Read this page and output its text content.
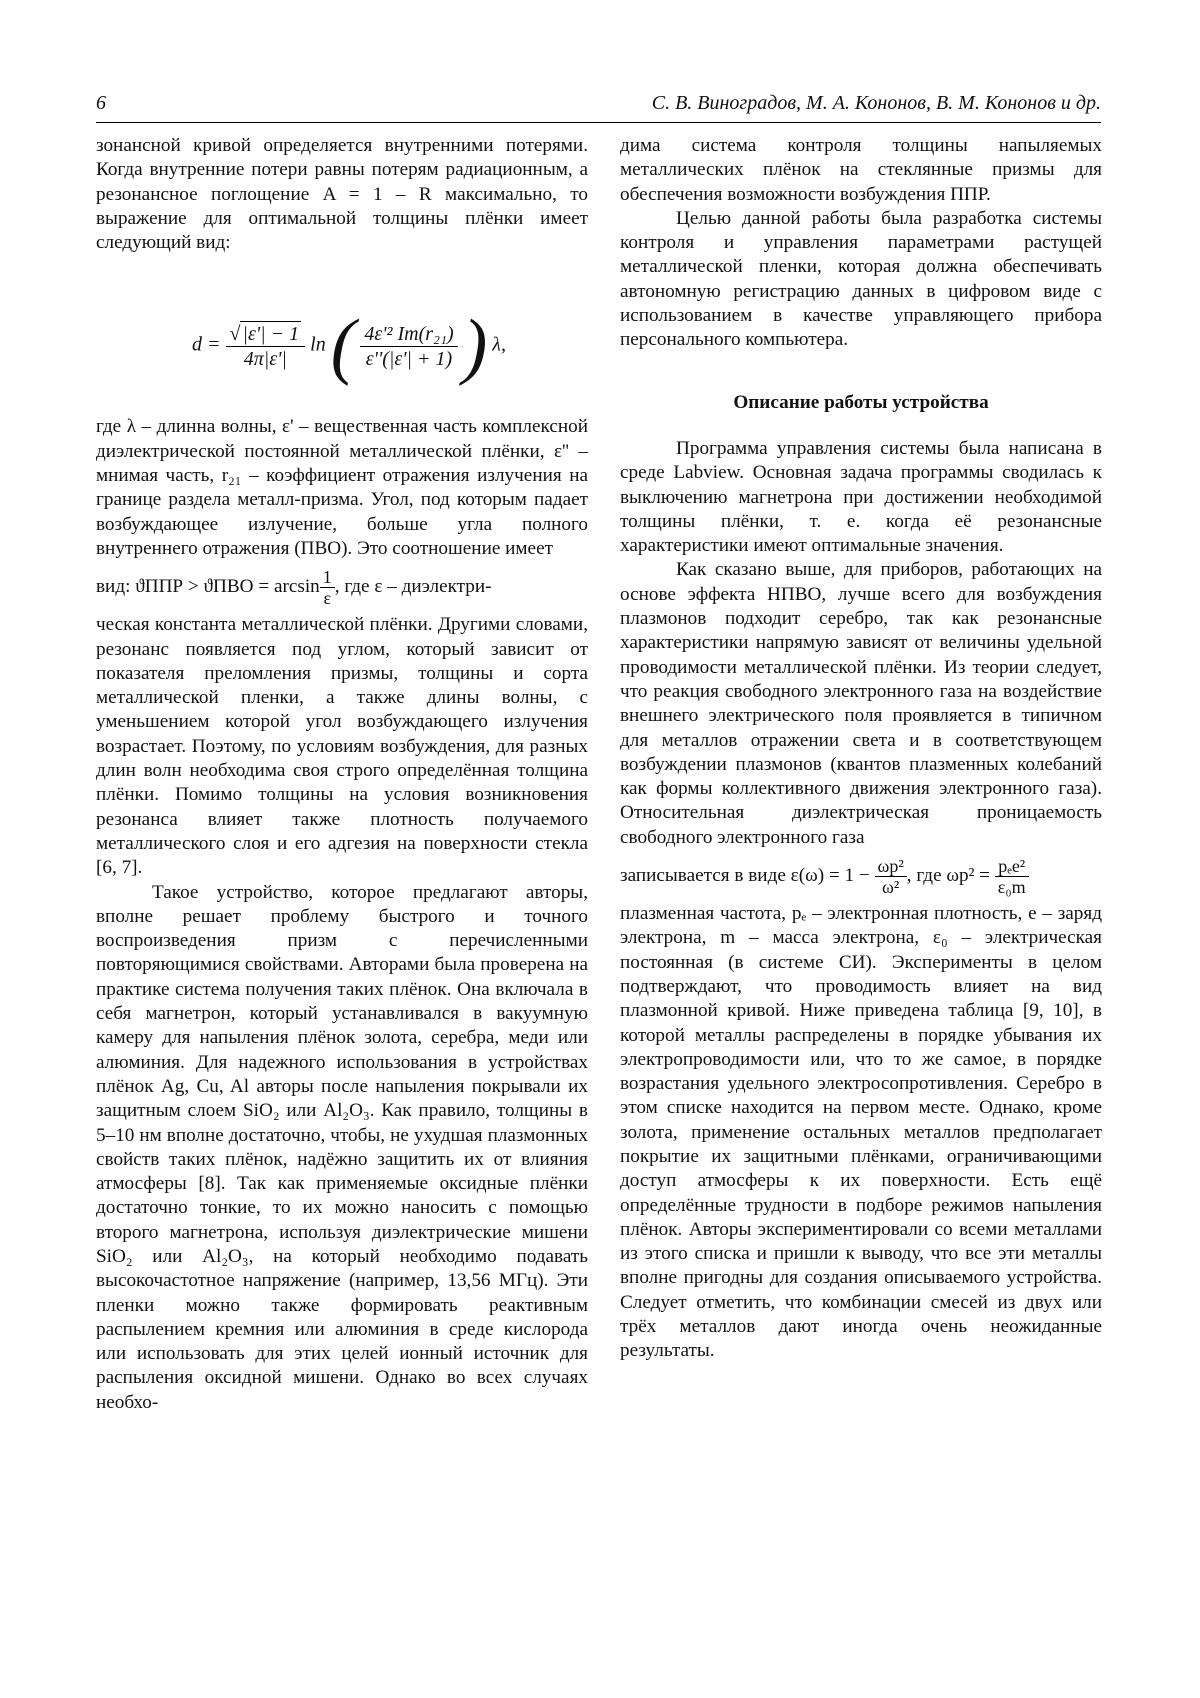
6	С. В. Виноградов, М. А. Кононов, В. М. Кононов и др.

зонансной кривой определяется внутренними потерями. Когда внутренние потери равны потерям радиационным, а резонансное поглощение A = 1 – R максимально, то выражение для оптимальной толщины плёнки имеет следующий вид:

$d = \frac{√ |\varepsilon'| - 1}{4\pi|\varepsilon'|}$ ln ( $\frac{\text{4ε'² Im(r₂₁)}}{\varepsilon''(|\varepsilon'| + 1)}$ ) λ,

где λ – длинна волны, ε' – вещественная часть комплексной диэлектрической постоянной металлической плёнки, ε'' – мнимая часть, r₂₁ – коэффициент отражения излучения на границе раздела металл-призма. Угол, под которым падает возбуждающее излучение, больше угла полного внутреннего отражения (ПВО). Это соотношение имеет

вид: $ϑППР > ϑПВО = \arcsin \frac{1}{\varepsilon}$ , где ε – диэлектри-

ческая константа металлической плёнки. Другими словами, резонанс появляется под углом, который зависит от показателя преломления призмы, толщины и сорта металлической пленки, а также длины волны, с уменьшением которой угол возбуждающего излучения возрастает. Поэтому, по условиям возбуждения, для разных длин волн необходима своя строго определённая толщина плёнки. Помимо толщины на условия возникновения резонанса влияет также плотность получаемого металлического слоя и его адгезия на поверхности стекла [6, 7].

Такое устройство, которое предлагают авторы, вполне решает проблему быстрого и точного воспроизведения призм с перечисленными повторяющимися свойствами. Авторами была проверена на практике система получения таких плёнок. Она включала в себя магнетрон, который устанавливался в вакуумную камеру для напыления плёнок золота, серебра, меди или алюминия. Для надежного использования в устройствах плёнок Ag, Cu, Al авторы после напыления покрывали их защитным слоем SiO₂ или Al₂O₃. Как правило, толщины в 5–10 нм вполне достаточно, чтобы, не ухудшая плазмонных свойств таких плёнок, надёжно защитить их от влияния атмосферы [8]. Так как применяемые оксидные плёнки достаточно тонкие, то их можно наносить с помощью второго магнетрона, используя диэлектрические мишени SiO₂ или Al₂O₃, на который необходимо подавать высокочастотное напряжение (например, 13,56 МГц). Эти пленки можно также формировать реактивным распылением кремния или алюминия в среде кислорода или использовать для этих целей ионный источник для распыления оксидной мишени. Однако во всех случаях необхо-

дима система контроля толщины напыляемых металлических плёнок на стеклянные призмы для обеспечения возможности возбуждения ППР.

Целью данной работы была разработка системы контроля и управления параметрами растущей металлической пленки, которая должна обеспечивать автономную регистрацию данных в цифровом виде с использованием в качестве управляющего прибора персонального компьютера.

Описание работы устройства

Программа управления системы была написана в среде Labview. Основная задача программы сводилась к выключению магнетрона при достижении необходимой толщины плёнки, т. е. когда её резонансные характеристики имеют оптимальные значения.

Как сказано выше, для приборов, работающих на основе эффекта НПВО, лучше всего для возбуждения плазмонов подходит серебро, так как резонансные характеристики напрямую зависят от величины удельной проводимости металлической плёнки. Из теории следует, что реакция свободного электронного газа на воздействие внешнего электрического поля проявляется в типичном для металлов отражении света и в соответствующем возбуждении плазмонов (квантов плазменных колебаний как формы коллективного движения электронного газа). Относительная диэлектрическая проницаемость свободного электронного газа

записывается в виде $\varepsilon(\omega) = 1 - \frac{\text{ωp²}}{\text{ω²}}$ , где ωp² = pₑe²
ε₀m

плазменная частота, pₑ – электронная плотность, e – заряд электрона, m – масса электрона, ε₀ – электрическая постоянная (в системе СИ). Эксперименты в целом подтверждают, что проводимость влияет на вид плазмонной кривой. Ниже приведена таблица [9, 10], в которой металлы распределены в порядке убывания их электропроводимости или, что то же самое, в порядке возрастания удельного электросопротивления. Серебро в этом списке находится на первом месте. Однако, кроме золота, применение остальных металлов предполагает покрытие их защитными плёнками, ограничивающими доступ атмосферы к их поверхности. Есть ещё определённые трудности в подборе режимов напыления плёнок. Авторы экспериментировали со всеми металлами из этого списка и пришли к выводу, что все эти металлы вполне пригодны для создания описываемого устройства. Следует отметить, что комбинации смесей из двух или трёх металлов дают иногда очень неожиданные результаты.
